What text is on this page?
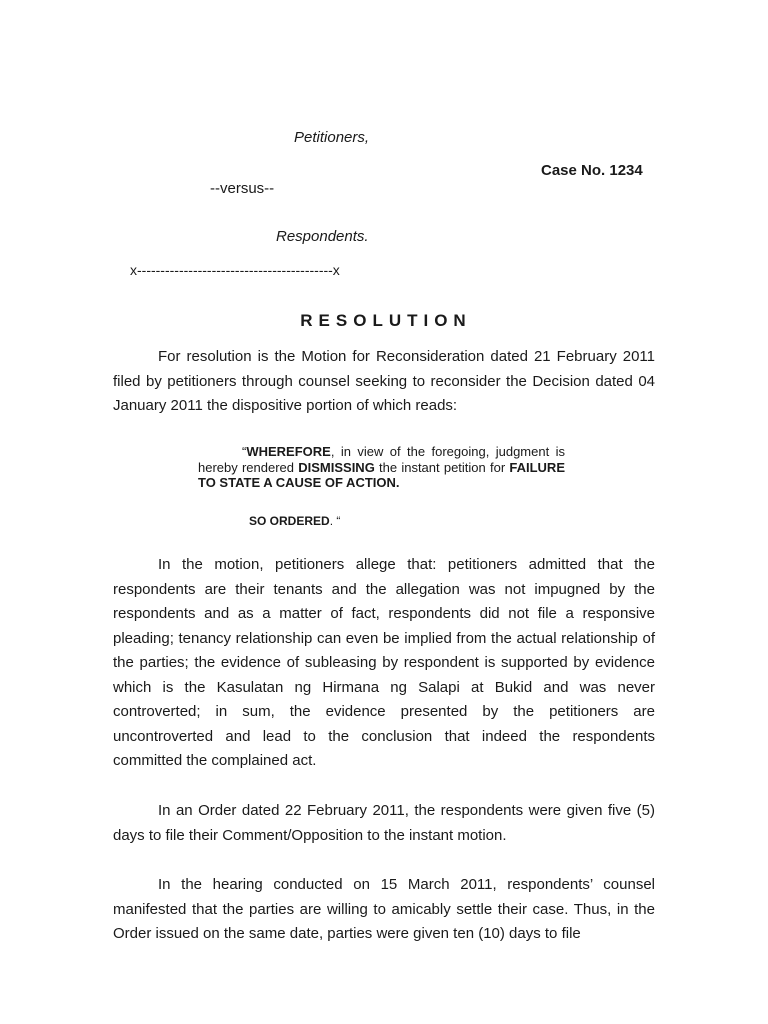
Petitioners,
Case No. 1234
--versus--
Respondents.
x------------------------------------------x
RESOLUTION

For resolution is the Motion for Reconsideration dated 21 February 2011 filed by petitioners through counsel seeking to reconsider the Decision dated 04 January 2011 the dispositive portion of which reads:

“WHEREFORE, in view of the foregoing, judgment is hereby rendered DISMISSING the instant petition for FAILURE TO STATE A CAUSE OF ACTION.

SO ORDERED. “

In the motion, petitioners allege that: petitioners admitted that the respondents are their tenants and the allegation was not impugned by the respondents and as a matter of fact, respondents did not file a responsive pleading; tenancy relationship can even be implied from the actual relationship of the parties; the evidence of subleasing by respondent is supported by evidence which is the Kasulatan ng Hirmana ng Salapi at Bukid and was never controverted; in sum, the evidence presented by the petitioners are uncontroverted and lead to the conclusion that indeed the respondents committed the complained act.

In an Order dated 22 February 2011, the respondents were given five (5) days to file their Comment/Opposition to the instant motion.

In the hearing conducted on 15 March 2011, respondents’ counsel manifested that the parties are willing to amicably settle their case. Thus, in the Order issued on the same date, parties were given ten (10) days to file
